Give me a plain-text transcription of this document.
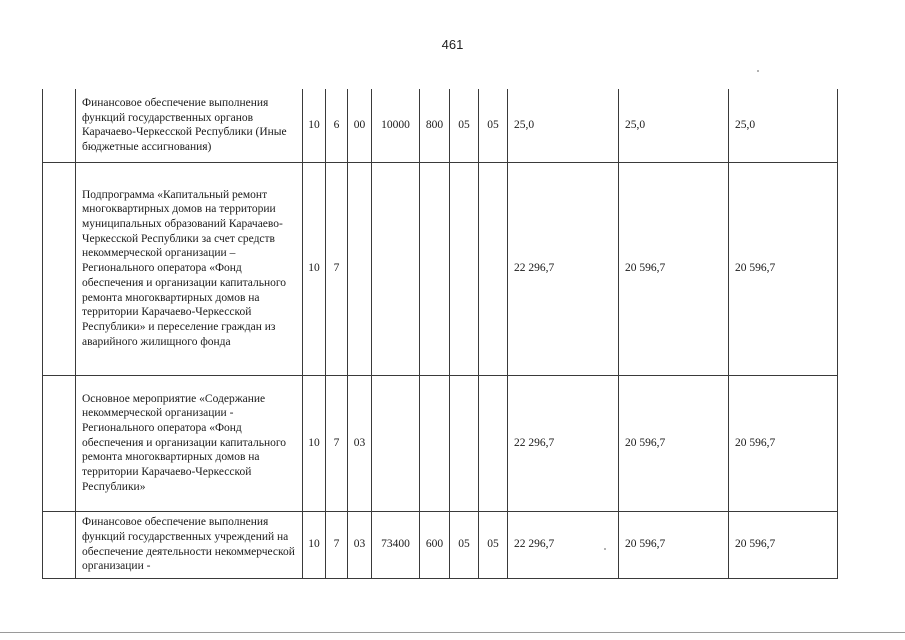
461
	Финансовое обеспечение выполнения функций государственных органов Карачаево-Черкесской Республики (Иные бюджетные ассигнования)	10	6	00	10000	800	05	05	25,0	25,0	25,0
	Подпрограмма «Капитальный ремонт многоквартирных домов на территории муниципальных образований Карачаево-Черкесской Республики за счет средств некоммерческой организации – Регионального оператора «Фонд обеспечения и организации капитального ремонта многоквартирных домов на территории Карачаево-Черкесской Республики» и переселение граждан из аварийного жилищного фонда	10	7						22 296,7	20 596,7	20 596,7
	Основное мероприятие «Содержание некоммерческой организации - Регионального оператора «Фонд обеспечения и организации капитального ремонта многоквартирных домов на территории Карачаево-Черкесской Республики»	10	7	03					22 296,7	20 596,7	20 596,7
	Финансовое обеспечение выполнения функций государственных учреждений на обеспечение деятельности некоммерческой организации -	10	7	03	73400	600	05	05	22 296,7	20 596,7	20 596,7
